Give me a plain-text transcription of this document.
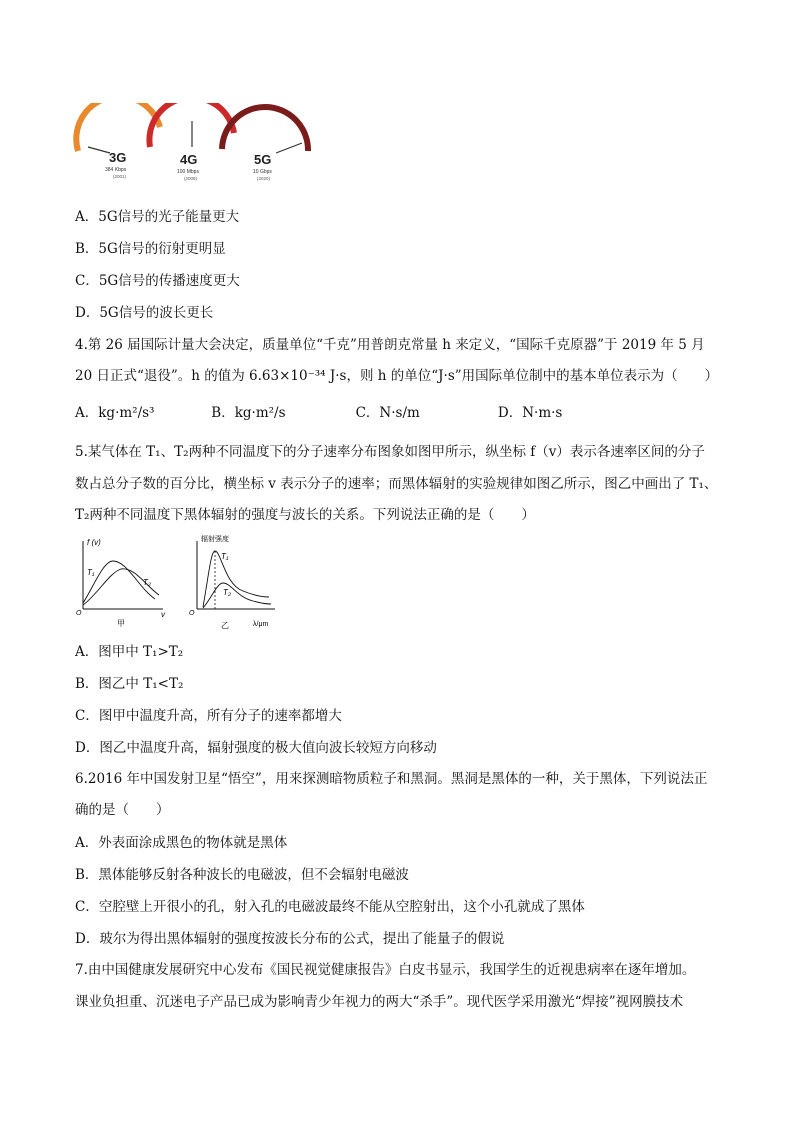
3G
384 Kbps
(2001)
4G
100 Mbps
(2009)
5G
10 Gbps
(2020)
A．5G信号的光子能量更大
B．5G信号的衍射更明显
C．5G信号的传播速度更大
D．5G信号的波长更长
4.第 26 届国际计量大会决定，质量单位“千克”用普朗克常量 h 来定义，“国际千克原器”于 2019 年 5 月
20 日正式“退役”。h 的值为 6.63×10⁻³⁴ J·s，则 h 的单位“J·s”用国际单位制中的基本单位表示为（　　）
A．kg·m²/s³	B．kg·m²/s	C．N·s/m	D．N·m·s
5.某气体在 T₁、T₂两种不同温度下的分子速率分布图象如图甲所示，纵坐标 f（v）表示各速率区间的分子
数占总分子数的百分比，横坐标 v 表示分子的速率；而黑体辐射的实验规律如图乙所示，图乙中画出了 T₁、
T₂两种不同温度下黑体辐射的强度与波长的关系。下列说法正确的是（　　）
f (v)
T₁
T₂
O	v
甲
辐射强度
T₁
T₂
O
乙	λ/μm
A．图甲中 T₁>T₂
B．图乙中 T₁<T₂
C．图甲中温度升高，所有分子的速率都增大
D．图乙中温度升高，辐射强度的极大值向波长较短方向移动
6.2016 年中国发射卫星“悟空”，用来探测暗物质粒子和黑洞。黑洞是黑体的一种，关于黑体，下列说法正
确的是（　　）
A．外表面涂成黑色的物体就是黑体
B．黑体能够反射各种波长的电磁波，但不会辐射电磁波
C．空腔壁上开很小的孔，射入孔的电磁波最终不能从空腔射出，这个小孔就成了黑体
D．玻尔为得出黑体辐射的强度按波长分布的公式，提出了能量子的假说
7.由中国健康发展研究中心发布《国民视觉健康报告》白皮书显示，我国学生的近视患病率在逐年增加。
课业负担重、沉迷电子产品已成为影响青少年视力的两大“杀手”。现代医学采用激光“焊接”视网膜技术
